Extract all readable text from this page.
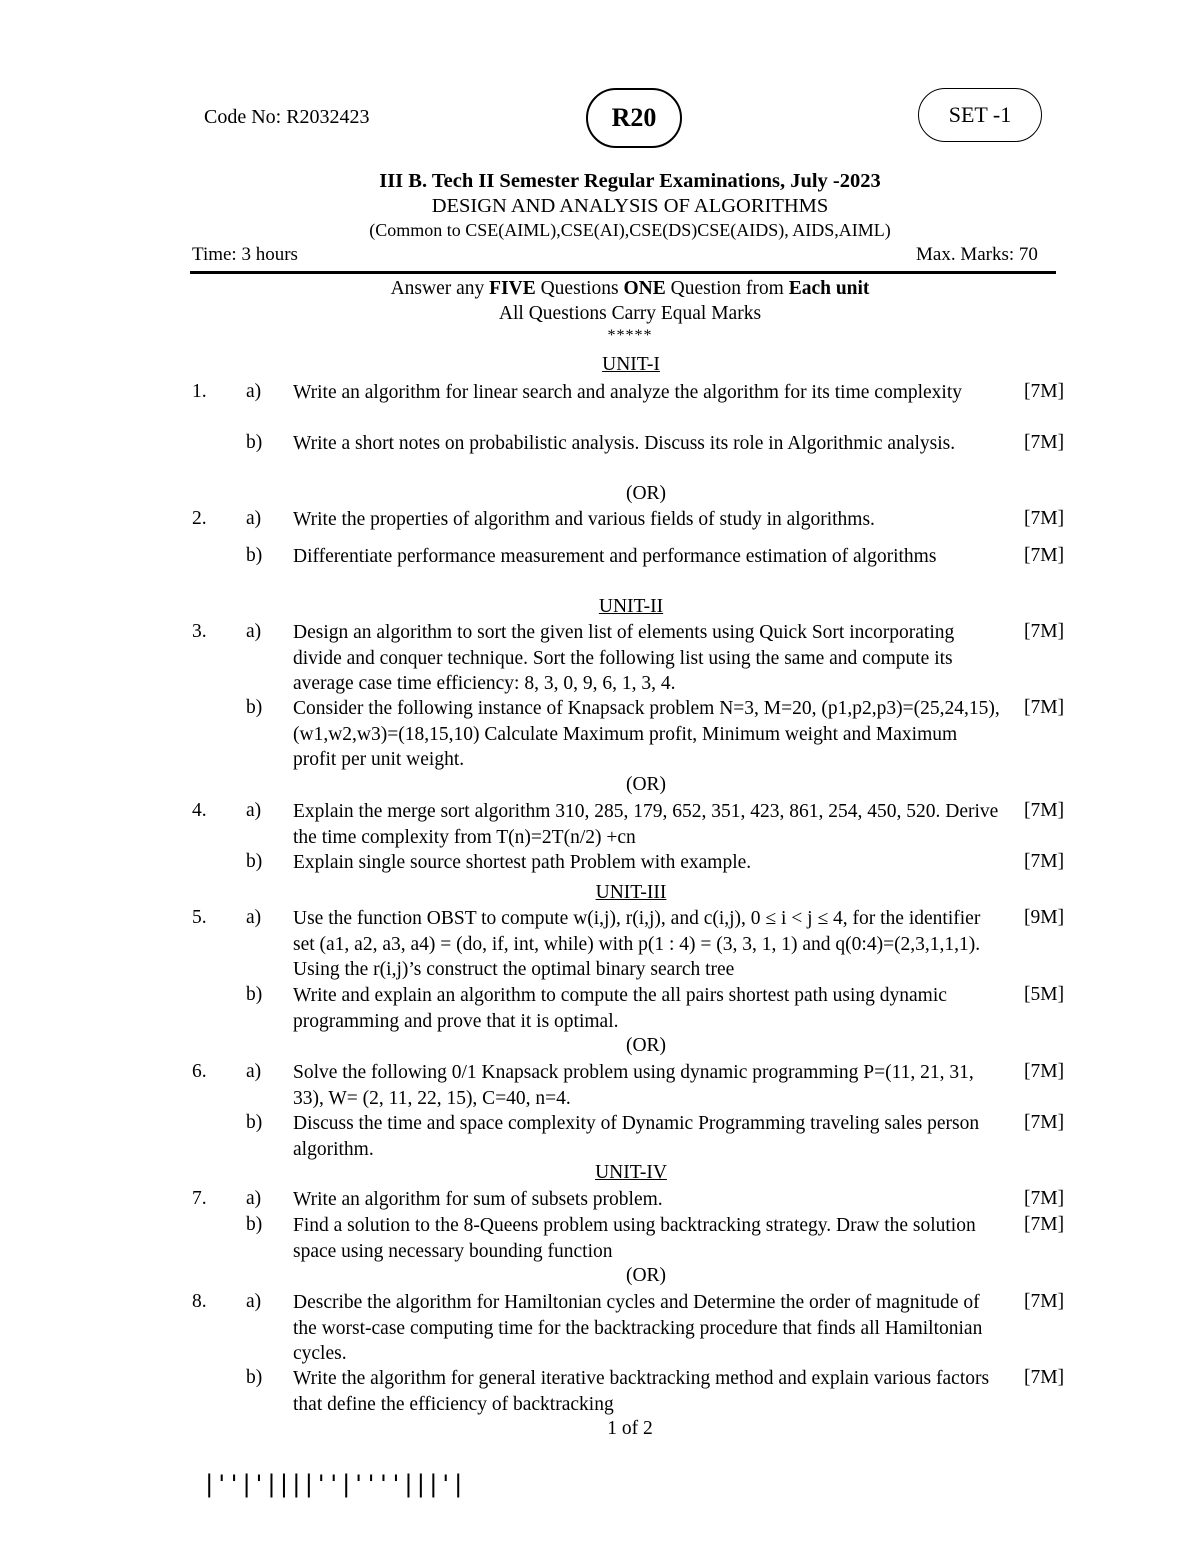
Code No: R2032423	R20	SET -1
III B. Tech II Semester Regular Examinations, July -2023
DESIGN AND ANALYSIS OF ALGORITHMS
(Common to CSE(AIML),CSE(AI),CSE(DS)CSE(AIDS), AIDS,AIML)
Time: 3 hours	Max. Marks: 70
Answer any FIVE Questions ONE Question from Each unit
All Questions Carry Equal Marks
*****
UNIT-I
1. a) Write an algorithm for linear search and analyze the algorithm for its time complexity	[7M]
b) Write a short notes on probabilistic analysis. Discuss its role in Algorithmic analysis.	[7M]
(OR)
2. a) Write the properties of algorithm and various fields of study in algorithms.	[7M]
b) Differentiate performance measurement and performance estimation of algorithms	[7M]
UNIT-II
3. a) Design an algorithm to sort the given list of elements using Quick Sort incorporating divide and conquer technique. Sort the following list using the same and compute its average case time efficiency: 8, 3, 0, 9, 6, 1, 3, 4.
[7M]
b) Consider the following instance of Knapsack problem N=3, M=20, (p1,p2,p3)=(25,24,15), (w1,w2,w3)=(18,15,10) Calculate Maximum profit, Minimum weight and Maximum profit per unit weight.
[7M]
(OR)
4. a) Explain the merge sort algorithm 310, 285, 179, 652, 351, 423, 861, 254, 450, 520. Derive the time complexity from T(n)=2T(n/2) +cn
[7M]
b) Explain single source shortest path Problem with example.	[7M]
UNIT-III
5. a) Use the function OBST to compute w(i,j), r(i,j), and c(i,j), 0 ≤ i < j ≤ 4, for the identifier set (a1, a2, a3, a4) = (do, if, int, while) with p(1 : 4) = (3, 3, 1, 1) and q(0:4)=(2,3,1,1,1). Using the r(i,j)’s construct the optimal binary search tree
[9M]
b) Write and explain an algorithm to compute the all pairs shortest path using dynamic programming and prove that it is optimal.
[5M]
(OR)
6. a) Solve the following 0/1 Knapsack problem using dynamic programming P=(11, 21, 31, 33), W= (2, 11, 22, 15), C=40, n=4.
[7M]
b) Discuss the time and space complexity of Dynamic Programming traveling sales person algorithm.
[7M]
UNIT-IV
7. a) Write an algorithm for sum of subsets problem.	[7M]
b) Find a solution to the 8-Queens problem using backtracking strategy. Draw the solution space using necessary bounding function
[7M]
(OR)
8. a) Describe the algorithm for Hamiltonian cycles and Determine the order of magnitude of the worst-case computing time for the backtracking procedure that finds all Hamiltonian cycles.
[7M]
b) Write the algorithm for general iterative backtracking method and explain various factors that define the efficiency of backtracking
[7M]
1 of 2
|''|'||||''|''''|||'|
